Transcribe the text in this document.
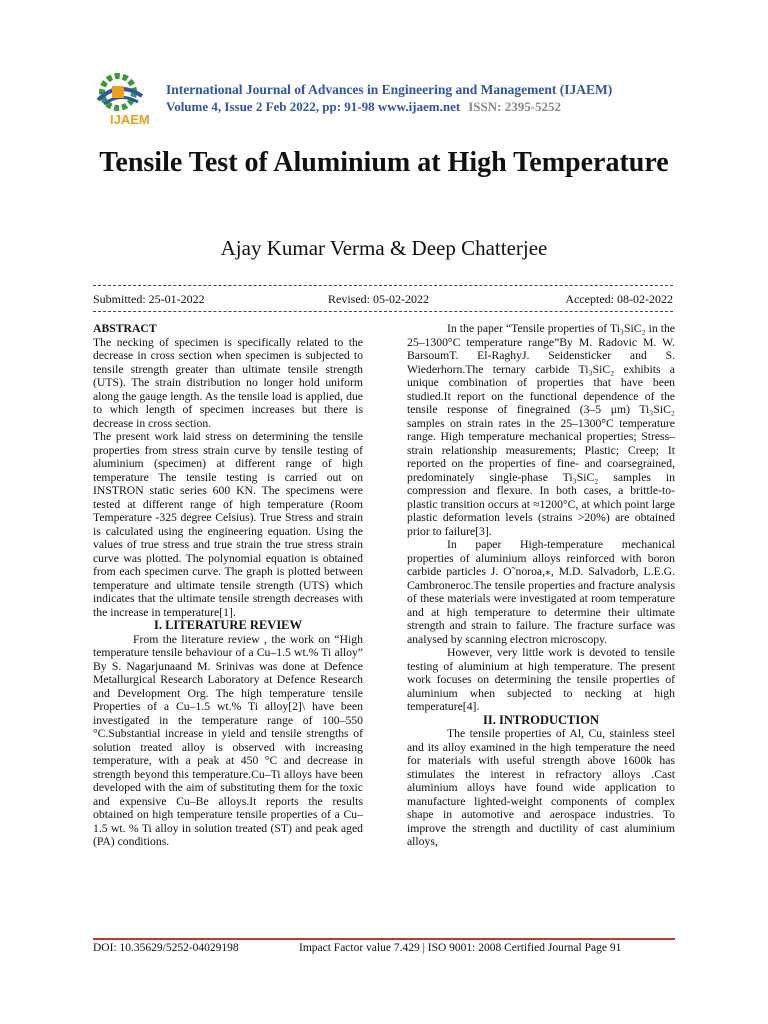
IJAEM
International Journal of Advances in Engineering and Management (IJAEM)
Volume 4, Issue 2 Feb 2022, pp: 91-98 www.ijaem.net ISSN: 2395-5252
Tensile Test of Aluminium at High Temperature
Ajay Kumar Verma & Deep Chatterjee
Submitted: 25-01-2022	Revised: 05-02-2022	Accepted: 08-02-2022

ABSTRACT

The necking of specimen is specifically related to the decrease in cross section when specimen is subjected to tensile strength greater than ultimate tensile strength (UTS). The strain distribution no longer hold uniform along the gauge length. As the tensile load is applied, due to which length of specimen increases but there is decrease in cross section.

The present work laid stress on determining the tensile properties from stress strain curve by tensile testing of aluminium (specimen) at different range of high temperature The tensile testing is carried out on INSTRON static series 600 KN. The specimens were tested at different range of high temperature (Room Temperature -325 degree Celsius). True Stress and strain is calculated using the engineering equation. Using the values of true stress and true strain the true stress strain curve was plotted. The polynomial equation is obtained from each specimen curve. The graph is plotted between temperature and ultimate tensile strength (UTS) which indicates that the ultimate tensile strength decreases with the increase in temperature[1].

I. LITERATURE REVIEW

From the literature review , the work on “High temperature tensile behaviour of a Cu–1.5 wt.% Ti alloy” By S. Nagarjunaand M. Srinivas was done at Defence Metallurgical Research Laboratory at Defence Research and Development Org. The high temperature tensile Properties of a Cu–1.5 wt.% Ti alloy[2]\ have been investigated in the temperature range of 100–550 °C.Substantial increase in yield and tensile strengths of solution treated alloy is observed with increasing temperature, with a peak at 450 °C and decrease in strength beyond this temperature.Cu–Ti alloys have been developed with the aim of substituting them for the toxic and expensive Cu–Be alloys.It reports the results obtained on high temperature tensile properties of a Cu–1.5 wt. % Ti alloy in solution treated (ST) and peak aged (PA) conditions.

In the paper “Tensile properties of Ti₃SiC₂ in the 25–1300°C temperature range”By M. Radovic M. W. BarsoumT. El-RaghyJ. Seidensticker and S. Wiederhorn.The ternary carbide Ti₃SiC₂ exhibits a unique combination of properties that have been studied.It report on the functional dependence of the tensile response of finegrained (3–5 μm) Ti₃SiC₂ samples on strain rates in the 25–1300°C temperature range. High temperature mechanical properties; Stress–strain relationship measurements; Plastic; Creep; It reported on the properties of fine- and coarsegrained, predominately single-phase Ti₃SiC₂ samples in compression and flexure. In both cases, a brittle-to-plastic transition occurs at ≈1200°C, at which point large plastic deformation levels (strains >20%) are obtained prior to failure[3].

In paper High-temperature mechanical properties of aluminium alloys reinforced with boron carbide particles J. O˜noroa,⁎, M.D. Salvadorb, L.E.G. Cambroneroc.The tensile properties and fracture analysis of these materials were investigated at room temperature and at high temperature to determine their ultimate strength and strain to failure. The fracture surface was analysed by scanning electron microscopy.

However, very little work is devoted to tensile testing of aluminium at high temperature. The present work focuses on determining the tensile properties of aluminium when subjected to necking at high temperature[4].

II. INTRODUCTION

The tensile properties of Al, Cu, stainless steel and its alloy examined in the high temperature the need for materials with useful strength above 1600k has stimulates the interest in refractory alloys .Cast aluminium alloys have found wide application to manufacture lighted-weight components of complex shape in automotive and aerospace industries. To improve the strength and ductility of cast aluminium alloys,

DOI: 10.35629/5252-04029198	Impact Factor value 7.429 | ISO 9001: 2008 Certified Journal Page 91
